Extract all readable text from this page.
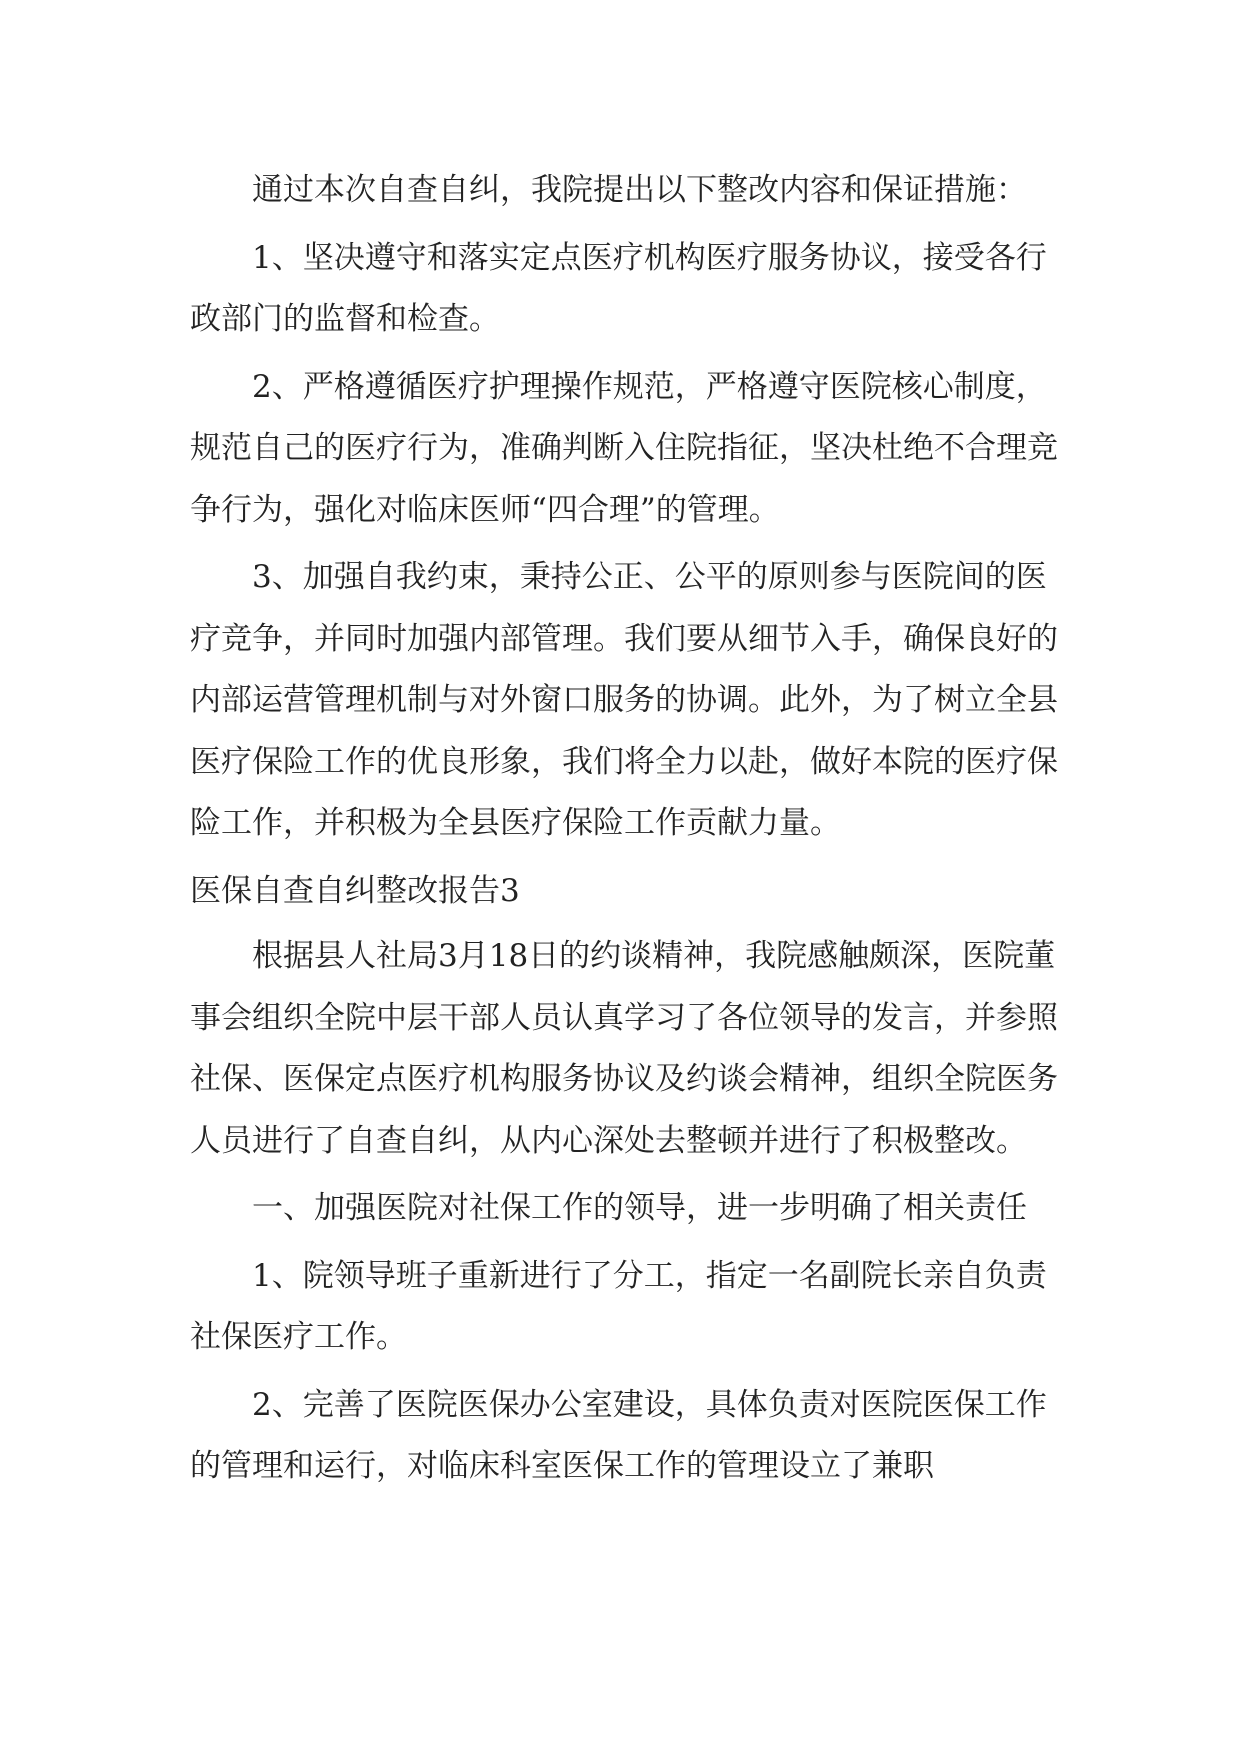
通过本次自查自纠，我院提出以下整改内容和保证措施：

1、坚决遵守和落实定点医疗机构医疗服务协议，接受各行政部门的监督和检查。

2、严格遵循医疗护理操作规范，严格遵守医院核心制度，规范自己的医疗行为，准确判断入住院指征，坚决杜绝不合理竞争行为，强化对临床医师“四合理”的管理。

3、加强自我约束，秉持公正、公平的原则参与医院间的医疗竞争，并同时加强内部管理。我们要从细节入手，确保良好的内部运营管理机制与对外窗口服务的协调。此外，为了树立全县医疗保险工作的优良形象，我们将全力以赴，做好本院的医疗保险工作，并积极为全县医疗保险工作贡献力量。

医保自查自纠整改报告3

根据县人社局3月18日的约谈精神，我院感触颇深，医院董事会组织全院中层干部人员认真学习了各位领导的发言，并参照社保、医保定点医疗机构服务协议及约谈会精神，组织全院医务人员进行了自查自纠，从内心深处去整顿并进行了积极整改。

一、加强医院对社保工作的领导，进一步明确了相关责任

1、院领导班子重新进行了分工，指定一名副院长亲自负责社保医疗工作。

2、完善了医院医保办公室建设，具体负责对医院医保工作的管理和运行，对临床科室医保工作的管理设立了兼职
